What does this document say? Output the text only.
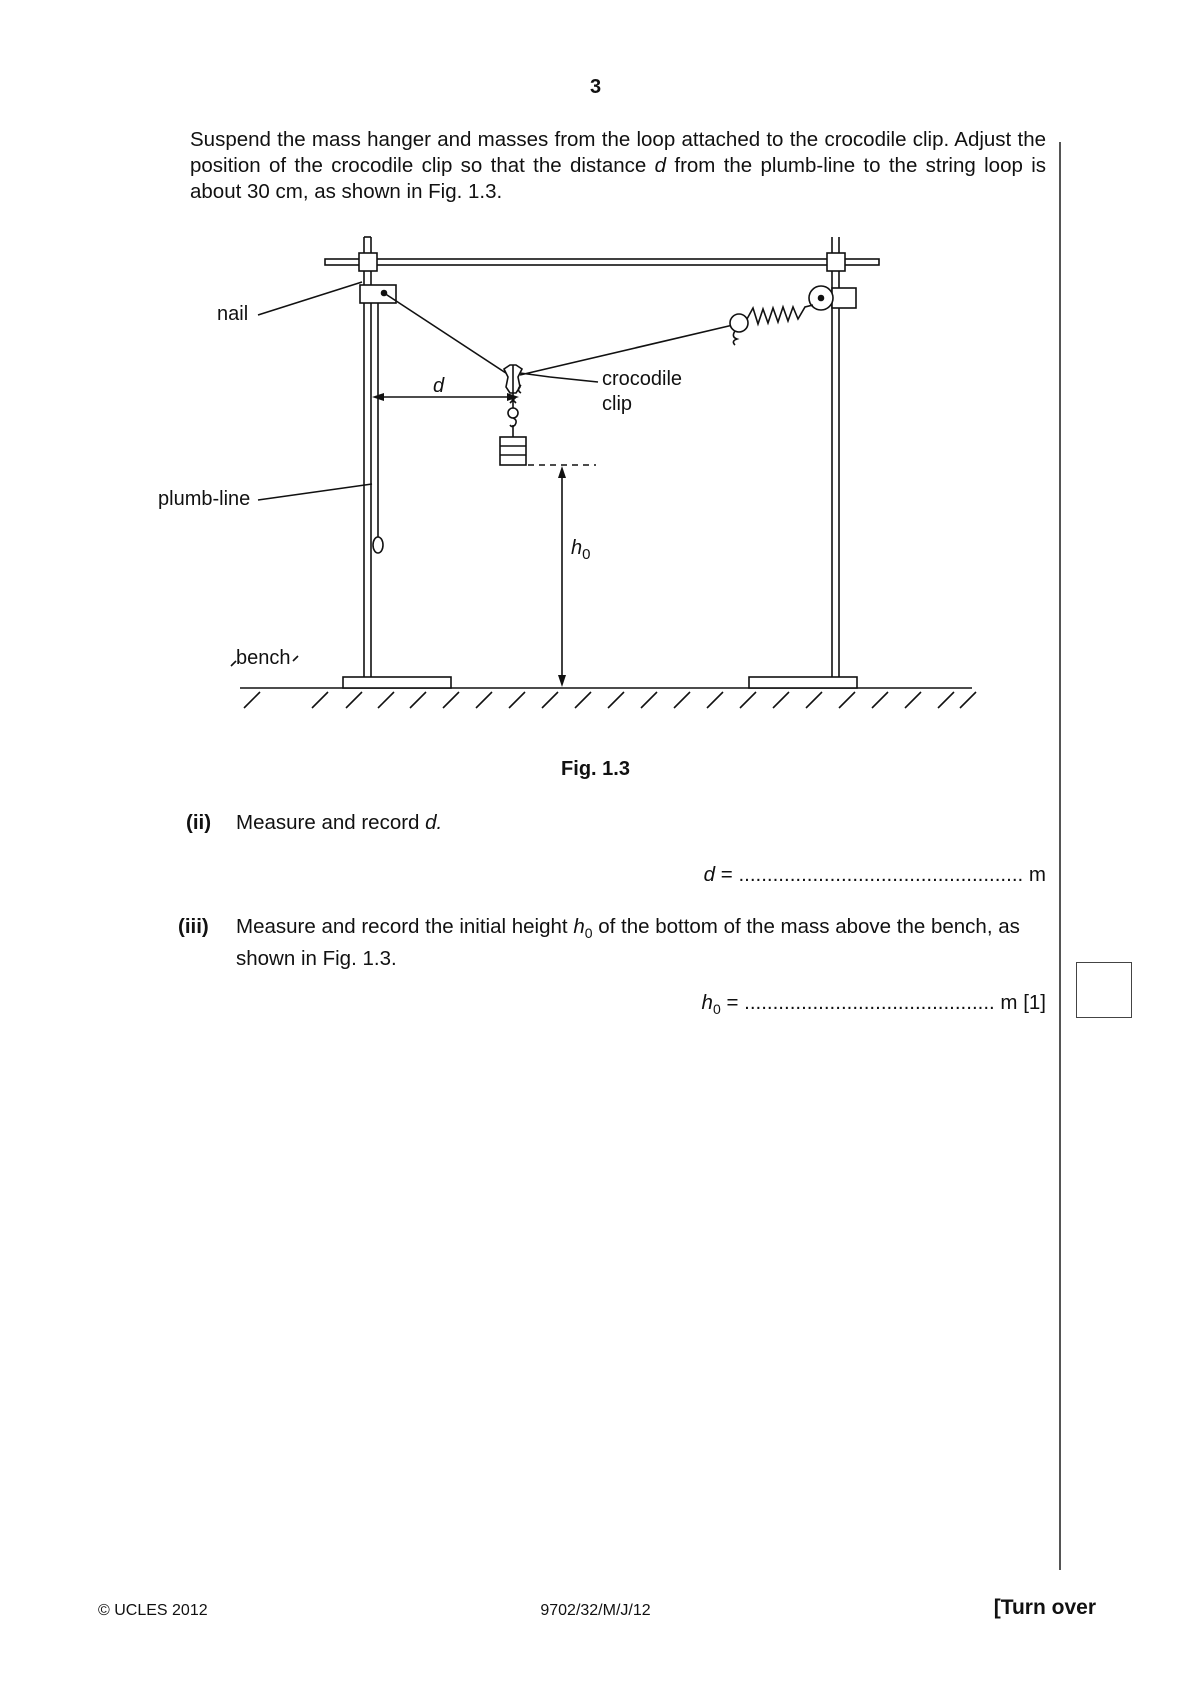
3

Suspend the mass hanger and masses from the loop attached to the crocodile clip. Adjust the position of the crocodile clip so that the distance d from the plumb-line to the string loop is about 30 cm, as shown in Fig. 1.3.

nail
crocodile
clip
d
plumb-line
$h_0$
bench
Fig. 1.3
(ii) Measure and record d.
d = .................................................. m
(iii) Measure and record the initial height $h_0$ of the bottom of the mass above the bench, as shown in Fig. 1.3.
$h_0$ = ............................................ m [1]
© UCLES 2012	9702/32/M/J/12	[Turn over
